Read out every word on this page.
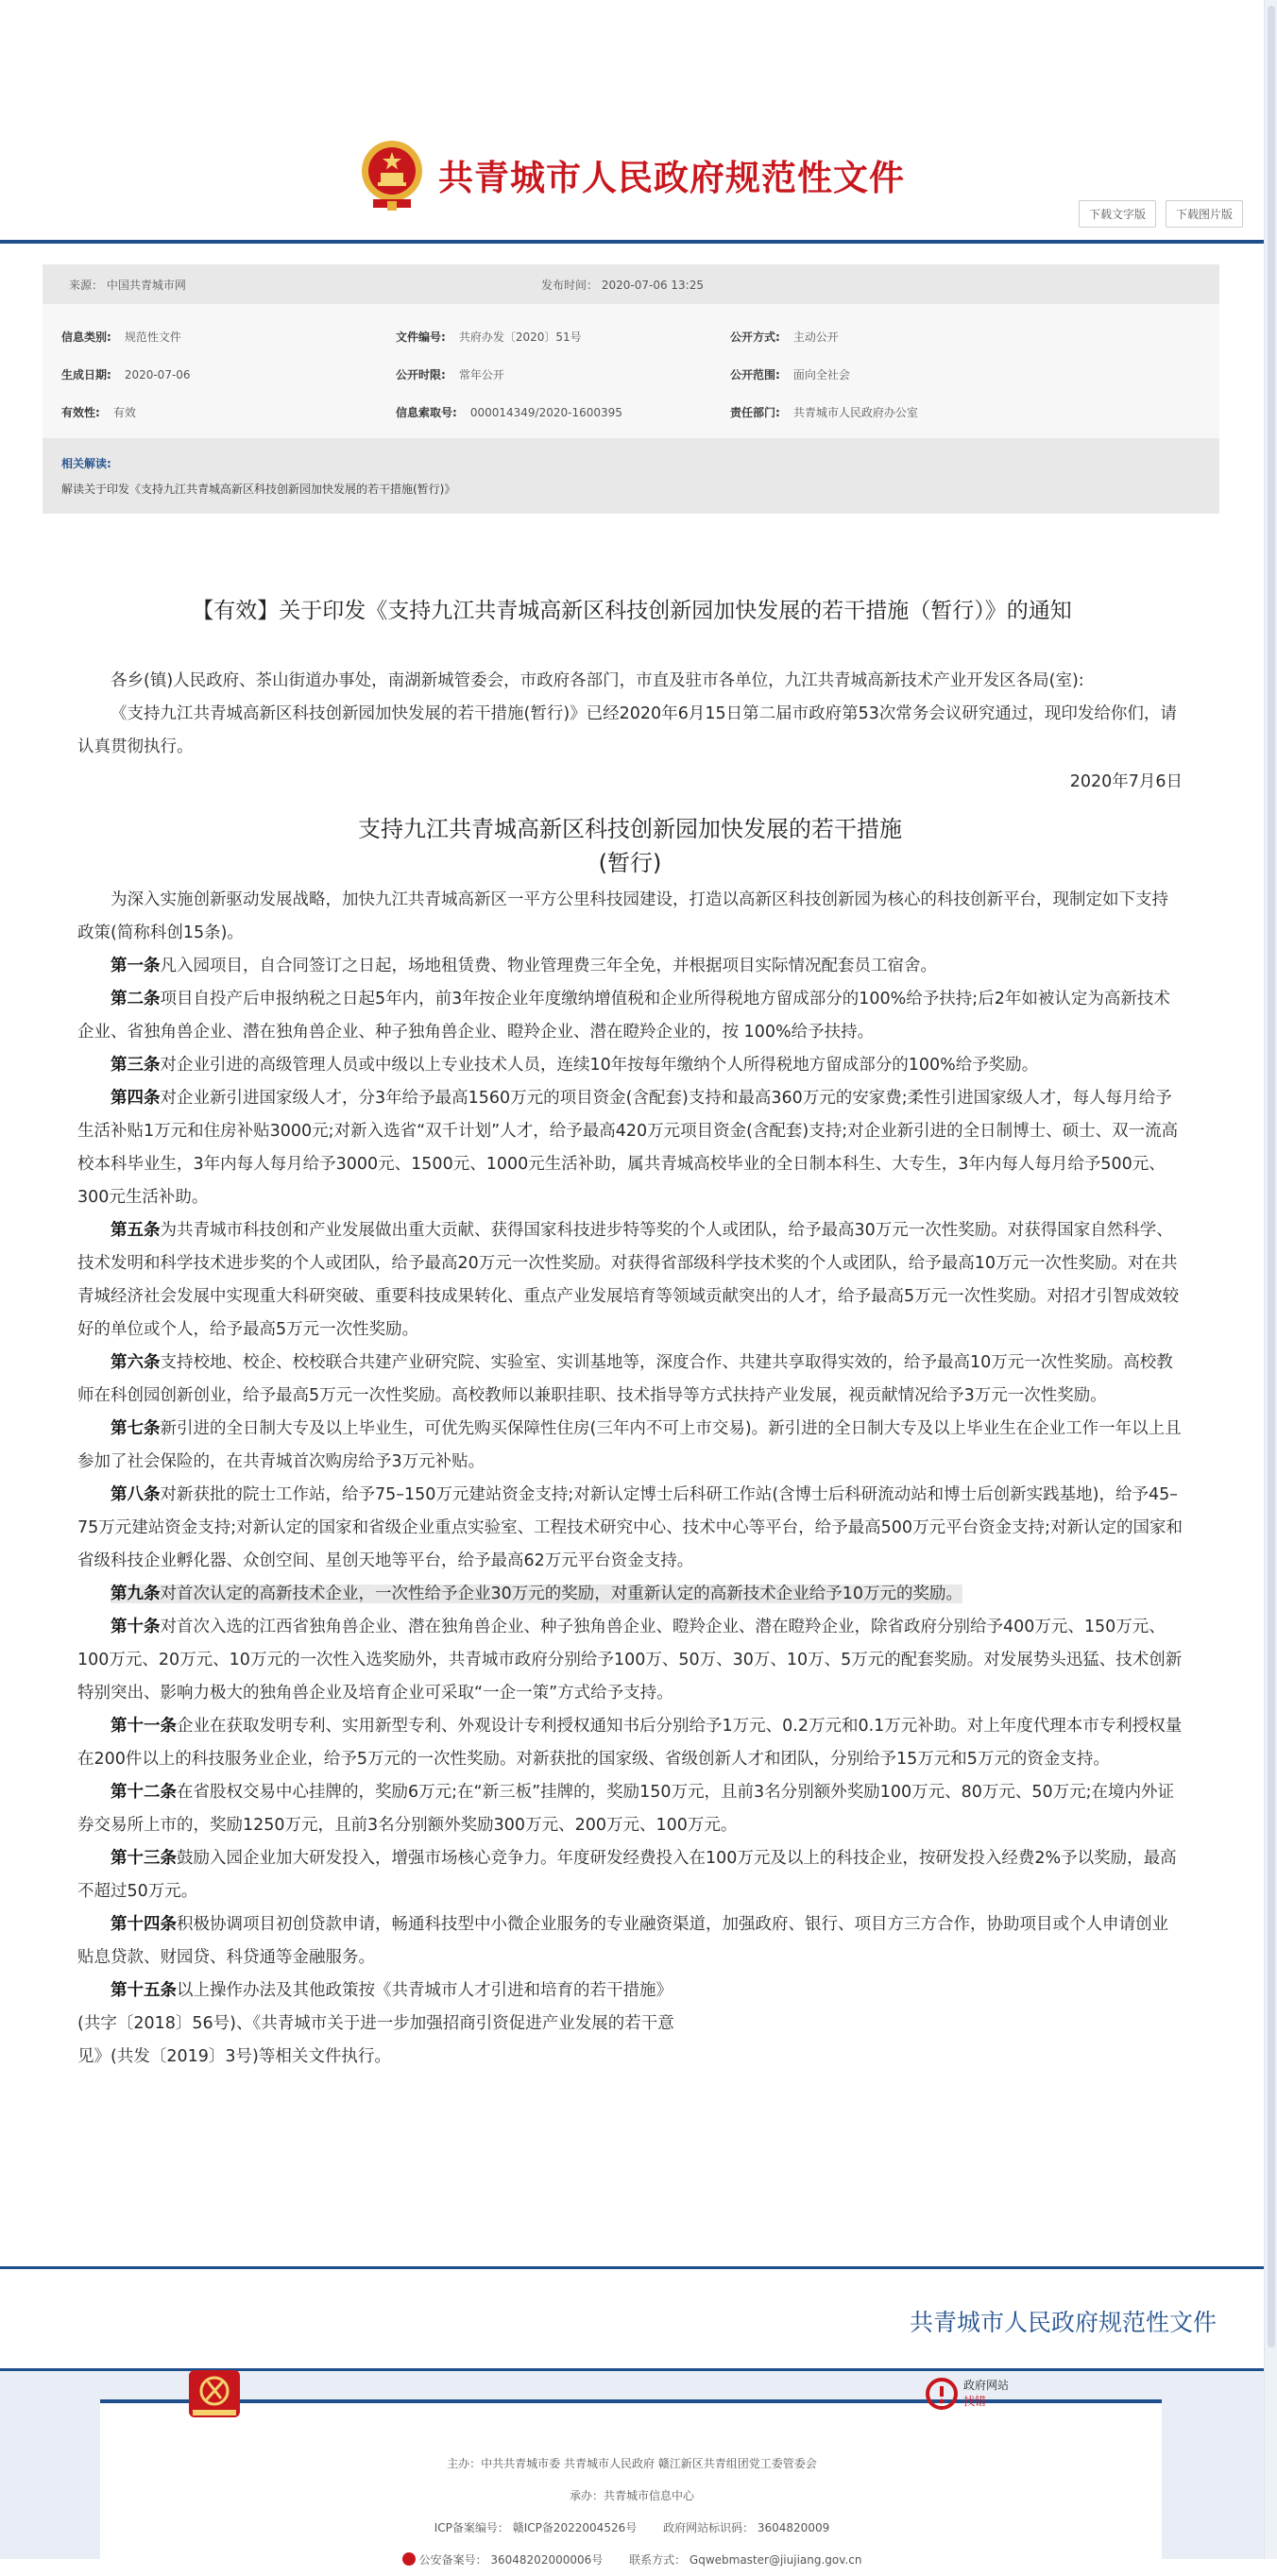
共青城市人民政府规范性文件
下载文字版	下载图片版
来源： 中国共青城市网	发布时间： 2020-07-06 13:25
信息类别: 规范性文件	文件编号: 共府办发〔2020〕51号	公开方式: 主动公开
生成日期: 2020-07-06	公开时限: 常年公开	公开范围: 面向全社会
有效性: 有效	信息索取号: 000014349/2020-1600395	责任部门: 共青城市人民政府办公室
相关解读:
解读关于印发《支持九江共青城高新区科技创新园加快发展的若干措施(暂行)》
【有效】关于印发《支持九江共青城高新区科技创新园加快发展的若干措施（暂行）》的通知

各乡(镇)人民政府、茶山街道办事处，南湖新城管委会，市政府各部门，市直及驻市各单位，九江共青城高新技术产业开发区各局(室):

《支持九江共青城高新区科技创新园加快发展的若干措施(暂行)》已经2020年6月15日第二届市政府第53次常务会议研究通过，现印发给你们，请认真贯彻执行。

2020年7月6日

支持九江共青城高新区科技创新园加快发展的若干措施

(暂行)

为深入实施创新驱动发展战略，加快九江共青城高新区一平方公里科技园建设，打造以高新区科技创新园为核心的科技创新平台，现制定如下支持政策(简称科创15条)。

第一条凡入园项目，自合同签订之日起，场地租赁费、物业管理费三年全免，并根据项目实际情况配套员工宿舍。

第二条项目自投产后申报纳税之日起5年内，前3年按企业年度缴纳增值税和企业所得税地方留成部分的100%给予扶持;后2年如被认定为高新技术企业、省独角兽企业、潜在独角兽企业、种子独角兽企业、瞪羚企业、潜在瞪羚企业的，按 100%给予扶持。

第三条对企业引进的高级管理人员或中级以上专业技术人员，连续10年按每年缴纳个人所得税地方留成部分的100%给予奖励。

第四条对企业新引进国家级人才，分3年给予最高1560万元的项目资金(含配套)支持和最高360万元的安家费;柔性引进国家级人才，每人每月给予生活补贴1万元和住房补贴3000元;对新入选省“双千计划”人才，给予最高420万元项目资金(含配套)支持;对企业新引进的全日制博士、硕士、双一流高校本科毕业生，3年内每人每月给予3000元、1500元、1000元生活补助，属共青城高校毕业的全日制本科生、大专生，3年内每人每月给予500元、300元生活补助。

第五条为共青城市科技创和产业发展做出重大贡献、获得国家科技进步特等奖的个人或团队，给予最高30万元一次性奖励。对获得国家自然科学、技术发明和科学技术进步奖的个人或团队，给予最高20万元一次性奖励。对获得省部级科学技术奖的个人或团队，给予最高10万元一次性奖励。对在共青城经济社会发展中实现重大科研突破、重要科技成果转化、重点产业发展培育等领域贡献突出的人才，给予最高5万元一次性奖励。对招才引智成效较好的单位或个人，给予最高5万元一次性奖励。

第六条支持校地、校企、校校联合共建产业研究院、实验室、实训基地等，深度合作、共建共享取得实效的，给予最高10万元一次性奖励。高校教师在科创园创新创业，给予最高5万元一次性奖励。高校教师以兼职挂职、技术指导等方式扶持产业发展，视贡献情况给予3万元一次性奖励。

第七条新引进的全日制大专及以上毕业生，可优先购买保障性住房(三年内不可上市交易)。新引进的全日制大专及以上毕业生在企业工作一年以上且参加了社会保险的，在共青城首次购房给予3万元补贴。

第八条对新获批的院士工作站，给予75–150万元建站资金支持;对新认定博士后科研工作站(含博士后科研流动站和博士后创新实践基地)，给予45–75万元建站资金支持;对新认定的国家和省级企业重点实验室、工程技术研究中心、技术中心等平台，给予最高500万元平台资金支持;对新认定的国家和省级科技企业孵化器、众创空间、星创天地等平台，给予最高62万元平台资金支持。

第九条对首次认定的高新技术企业，一次性给予企业30万元的奖励，对重新认定的高新技术企业给予10万元的奖励。

第十条对首次入选的江西省独角兽企业、潜在独角兽企业、种子独角兽企业、瞪羚企业、潜在瞪羚企业，除省政府分别给予400万元、150万元、100万元、20万元、10万元的一次性入选奖励外，共青城市政府分别给予100万、50万、30万、10万、5万元的配套奖励。对发展势头迅猛、技术创新特别突出、影响力极大的独角兽企业及培育企业可采取“一企一策”方式给予支持。

第十一条企业在获取发明专利、实用新型专利、外观设计专利授权通知书后分别给予1万元、0.2万元和0.1万元补助。对上年度代理本市专利授权量在200件以上的科技服务业企业，给予5万元的一次性奖励。对新获批的国家级、省级创新人才和团队，分别给予15万元和5万元的资金支持。

第十二条在省股权交易中心挂牌的，奖励6万元;在“新三板”挂牌的，奖励150万元，且前3名分别额外奖励100万元、80万元、50万元;在境内外证券交易所上市的，奖励1250万元，且前3名分别额外奖励300万元、200万元、100万元。

第十三条鼓励入园企业加大研发投入，增强市场核心竞争力。年度研发经费投入在100万元及以上的科技企业，按研发投入经费2%予以奖励，最高不超过50万元。

第十四条积极协调项目初创贷款申请，畅通科技型中小微企业服务的专业融资渠道，加强政府、银行、项目方三方合作，协助项目或个人申请创业贴息贷款、财园贷、科贷通等金融服务。

第十五条以上操作办法及其他政策按《共青城市人才引进和培育的若干措施》

(共字〔2018〕56号)、《共青城市关于进一步加强招商引资促进产业发展的若干意

见》(共发〔2019〕3号)等相关文件执行。

共青城市人民政府规范性文件
政府网站
找错
主办：中共共青城市委 共青城市人民政府 赣江新区共青组团党工委管委会
承办：共青城市信息中心
ICP备案编号： 赣ICP备2022004526号 政府网站标识码： 3604820009
公安备案号： 36048202000006号 联系方式： Gqwebmaster@jiujiang.gov.cn
